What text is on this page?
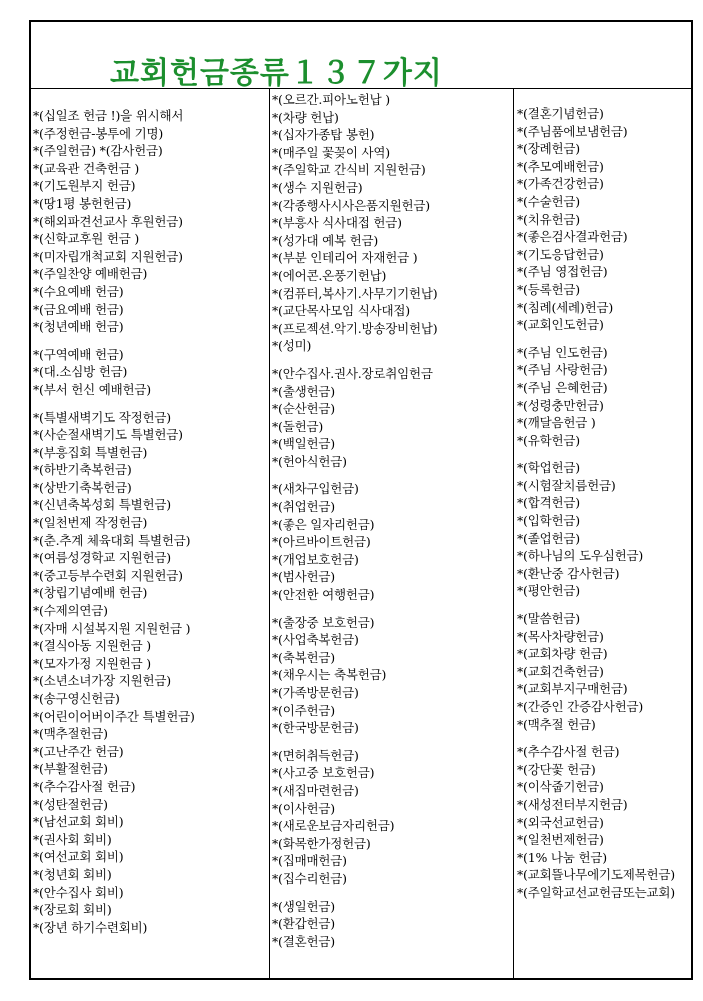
교회헌금종류１３７가지
*(십일조 헌금 !)을 위시해서
*(주정헌금-봉투에 기명)
*(주일헌금) *(감사헌금)
*(교육관 건축헌금 )
*(기도원부지 헌금)
*(땅1평 봉헌헌금)
*(해외파견선교사 후원헌금)
*(신학교후원 헌금 )
*(미자립개척교회 지원헌금)
*(주일찬양 예배헌금)
*(수요예배 헌금)
*(금요예배 헌금)
*(청년예배 헌금)
*(구역예배 헌금)
*(대.소심방 헌금)
*(부서 헌신 예배헌금)
*(특별새벽기도 작정헌금)
*(사순절새벽기도 특별헌금)
*(부흥집회 특별헌금)
*(하반기축복헌금)
*(상반기축복헌금)
*(신년축복성회 특별헌금)
*(일천번제 작정헌금)
*(춘.추계 체육대회 특별헌금)
*(여름성경학교 지원헌금)
*(중고등부수련회 지원헌금)
*(창립기념예배 헌금)
*(수제의연금)
*(자매 시설복지원 지원헌금 )
*(결식아동 지원헌금 )
*(모자가정 지원헌금 )
*(소년소녀가장 지원헌금)
*(송구영신헌금)
*(어린이어버이주간 특별헌금)
*(맥추절헌금)
*(고난주간 헌금)
*(부활절헌금)
*(추수감사절 헌금)
*(성탄절헌금)
*(남선교회 회비)
*(권사회 회비)
*(여선교회 회비)
*(청년회 회비)
*(안수집사 회비)
*(장로회 회비)
*(장년 하기수련회비)
*(오르간.피아노헌납 )
*(차량 헌납)
*(십자가종탑 봉헌)
*(매주일 꽃꽂이 사역)
*(주일학교 간식비 지원헌금)
*(생수 지원헌금)
*(각종행사시사은품지원헌금)
*(부흥사 식사대접 헌금)
*(성가대 예복 헌금)
*(부분 인테리어 자재헌금 )
*(에어콘.온풍기헌납)
*(컴퓨터,복사기.사무기기헌납)
*(교단목사모임 식사대접)
*(프로젝션.악기.방송장비헌납)
*(성미)
*(안수집사.권사.장로취임헌금
*(출생헌금)
*(순산헌금)
*(돌헌금)
*(백일헌금)
*(헌아식헌금)
*(새차구입헌금)
*(취업헌금)
*(좋은 일자리헌금)
*(아르바이트헌금)
*(개업보호헌금)
*(범사헌금)
*(안전한 여행헌금)
*(출장중 보호헌금)
*(사업축복헌금)
*(축복헌금)
*(채우시는 축복헌금)
*(가족방문헌금)
*(이주헌금)
*(한국방문헌금)
*(면허취득헌금)
*(사고중 보호헌금)
*(새집마련헌금)
*(이사헌금)
*(새로운보금자리헌금)
*(화목한가정헌금)
*(집매매헌금)
*(집수리헌금)
*(생일헌금)
*(환갑헌금)
*(결혼헌금)
*(결혼기념헌금)
*(주님품에보냄헌금)
*(장례헌금)
*(추모예배헌금)
*(가족건강헌금)
*(수술헌금)
*(치유헌금)
*(좋은검사결과헌금)
*(기도응답헌금)
*(주님 영접헌금)
*(등록헌금)
*(침례(세례)헌금)
*(교회인도헌금)
*(주님 인도헌금)
*(주님 사랑헌금)
*(주님 은혜헌금)
*(성령충만헌금)
*(깨달음헌금 )
*(유학헌금)
*(학업헌금)
*(시험잘치름헌금)
*(합격헌금)
*(입학헌금)
*(졸업헌금)
*(하나님의 도우심헌금)
*(환난중 감사헌금)
*(평안헌금)
*(말씀헌금)
*(목사차량헌금)
*(교회차량 헌금)
*(교회건축헌금)
*(교회부지구매헌금)
*(간증인 간증감사헌금)
*(맥추절 헌금)
*(추수감사절 헌금)
*(강단꽃 헌금)
*(이삭줍기헌금)
*(새성전터부지헌금)
*(외국선교헌금)
*(일천번제헌금)
*(1% 나눔 헌금)
*(교회뜰나무에기도제목헌금)
*(주일학교선교헌금또는교회)
